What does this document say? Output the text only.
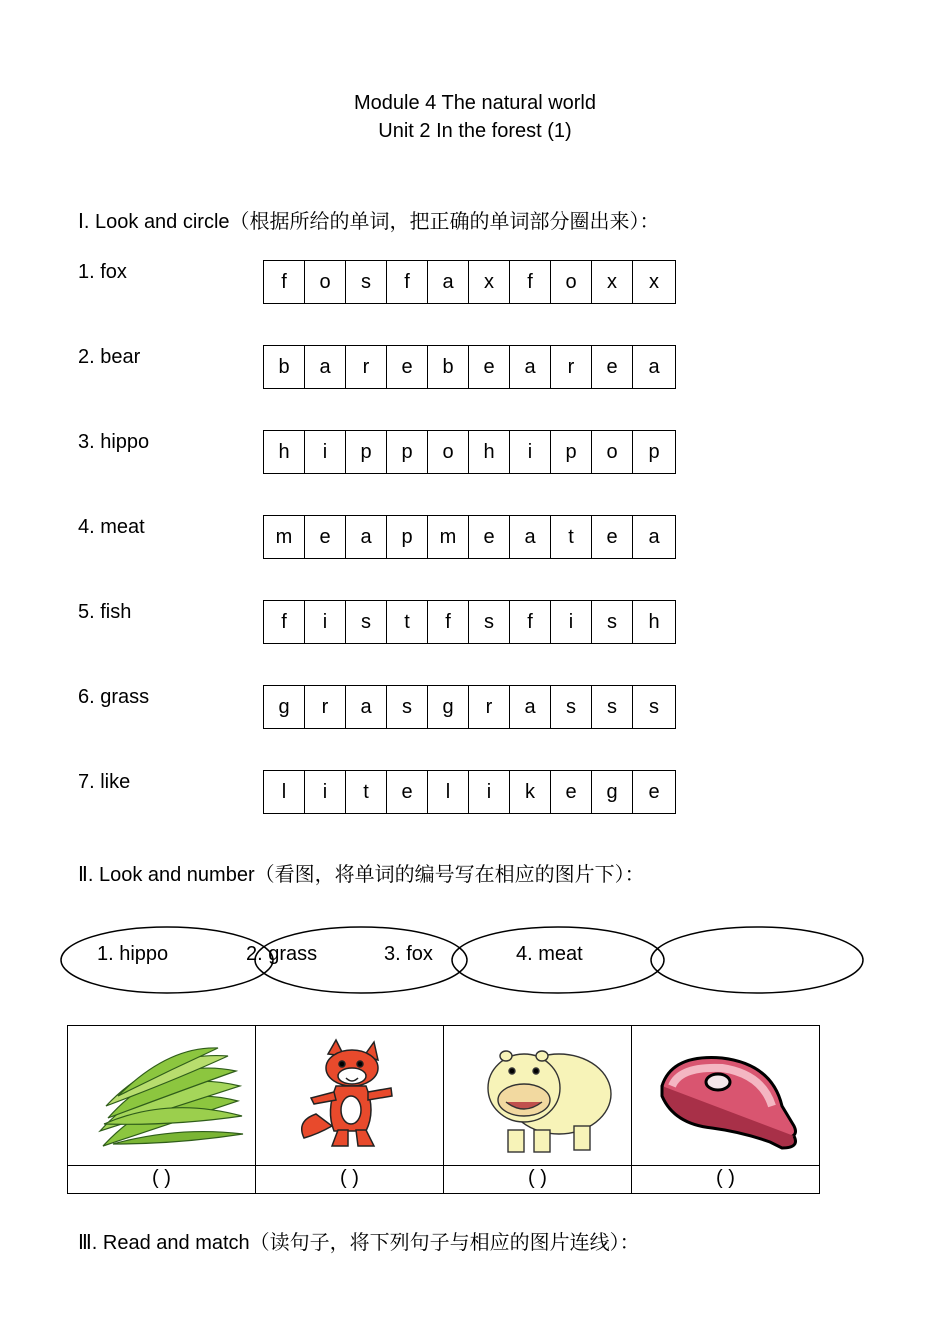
Module 4 The natural world
Unit 2 In the forest (1)
Ⅰ. Look and circle（根据所给的单词，把正确的单词部分圈出来）：
1. fox	f	o	s	f	a	x	f	o	x	x
2. bear	b	a	r	e	b	e	a	r	e	a
3. hippo	h	i	p	p	o	h	i	p	o	p
4. meat	m	e	a	p	m	e	a	t	e	a
5. fish	f	i	s	t	f	s	f	i	s	h
6. grass	g	r	a	s	g	r	a	s	s	s
7. like	l	i	t	e	l	i	k	e	g	e
Ⅱ. Look and number（看图，将单词的编号写在相应的图片下）：
1. hippo	2. grass	3. fox	4. meat
( )	( )	( )	( )
Ⅲ. Read and match（读句子，将下列句子与相应的图片连线）：
